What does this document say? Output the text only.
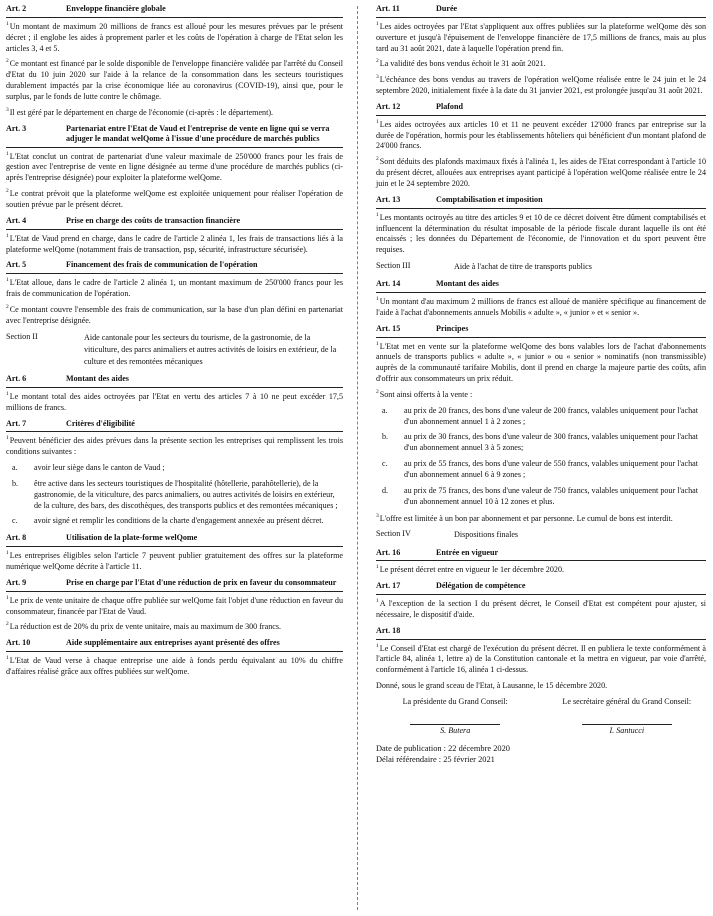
Art. 2	Enveloppe financière globale

$^1$Un montant de maximum 20 millions de francs est alloué pour les mesures prévues par le présent décret ; il englobe les aides à proprement parler et les coûts de l'opération à charge de l'Etat selon les articles 3, 4 et 5.

$^2$Ce montant est financé par le solde disponible de l'enveloppe financière validée par l'arrêté du Conseil d'Etat du 10 juin 2020 sur l'aide à la relance de la consommation dans les secteurs touristiques durablement impactés par la crise économique liée au coronavirus (COVID-19), ainsi que, pour le surplus, par le fonds de lutte contre le chômage.

$^3$Il est géré par le département en charge de l'économie (ci-après : le département).

Art. 3	Partenariat entre l'Etat de Vaud et l'entreprise de vente en ligne qui se verra adjuger le mandat welQome à l'issue d'une procédure de marchés publics

$^1$L'Etat conclut un contrat de partenariat d'une valeur maximale de 250'000 francs pour les frais de gestion avec l'entreprise de vente en ligne désignée au terme d'une procédure de marchés publics (ci-après l'entreprise désignée) pour exploiter la plateforme welQome.

$^2$Le contrat prévoit que la plateforme welQome est exploitée uniquement pour réaliser l'opération de soutien prévue par le présent décret.

Art. 4	Prise en charge des coûts de transaction financière

$^1$L'Etat de Vaud prend en charge, dans le cadre de l'article 2 alinéa 1, les frais de transactions liés à la plateforme welQome (notamment frais de transaction, psp, sécurité, infrastructure sécurisée).

Art. 5	Financement des frais de communication de l'opération

$^1$L'Etat alloue, dans le cadre de l'article 2 alinéa 1, un montant maximum de 250'000 francs pour les frais de communication de l'opération.

$^2$Ce montant couvre l'ensemble des frais de communication, sur la base d'un plan défini en partenariat avec l'entreprise désignée.

Section II	Aide cantonale pour les secteurs du tourisme, de la gastronomie, de la viticulture, des parcs animaliers et autres activités de loisirs en extérieur, de la culture et des remontées mécaniques
Art. 6	Montant des aides

$^1$Le montant total des aides octroyées par l'Etat en vertu des articles 7 à 10 ne peut excéder 17,5 millions de francs.

Art. 7	Critères d'éligibilité

$^1$Peuvent bénéficier des aides prévues dans la présente section les entreprises qui remplissent les trois conditions suivantes :

a.	avoir leur siège dans le canton de Vaud ;
b.	être active dans les secteurs touristiques de l'hospitalité (hôtellerie, parahôtellerie), de la gastronomie, de la viticulture, des parcs animaliers, ou autres activités de loisirs en extérieur, de la culture, des bars, des discothèques, des transports publics et des remontées mécaniques ;
c.	avoir signé et remplir les conditions de la charte d'engagement annexée au présent décret.
Art. 8	Utilisation de la plate-forme welQome

$^1$Les entreprises éligibles selon l'article 7 peuvent publier gratuitement des offres sur la plateforme numérique welQome décrite à l'article 11.

Art. 9	Prise en charge par l'Etat d'une réduction de prix en faveur du consommateur

$^1$Le prix de vente unitaire de chaque offre publiée sur welQome fait l'objet d'une réduction en faveur du consommateur, financée par l'Etat de Vaud.

$^2$La réduction est de 20% du prix de vente unitaire, mais au maximum de 300 francs.

Art. 10	Aide supplémentaire aux entreprises ayant présenté des offres

$^1$L'Etat de Vaud verse à chaque entreprise une aide à fonds perdu équivalant au 10% du chiffre d'affaires réalisé grâce aux offres publiées sur welQome.

Art. 11	Durée

$^1$Les aides octroyées par l'Etat s'appliquent aux offres publiées sur la plateforme welQome dès son ouverture et jusqu'à l'épuisement de l'enveloppe financière de 17,5 millions de francs, mais au plus tard au 31 août 2021, date à laquelle l'opération prend fin.

$^2$La validité des bons vendus échoit le 31 août 2021.

$^3$L'échéance des bons vendus au travers de l'opération welQome réalisée entre le 24 juin et le 24 septembre 2020, initialement fixée à la date du 31 janvier 2021, est prolongée jusqu'au 31 août 2021.

Art. 12	Plafond

$^1$Les aides octroyées aux articles 10 et 11 ne peuvent excéder 12'000 francs par entreprise sur la durée de l'opération, hormis pour les établissements hôteliers qui bénéficient d'un montant plafond de 24'000 francs.

$^2$Sont déduits des plafonds maximaux fixés à l'alinéa 1, les aides de l'Etat correspondant à l'article 10 du présent décret, allouées aux entreprises ayant participé à l'opération welQome réalisée entre le 24 juin et le 24 septembre 2020.

Art. 13	Comptabilisation et imposition

$^1$Les montants octroyés au titre des articles 9 et 10 de ce décret doivent être dûment comptabilisés et influencent la détermination du résultat imposable de la période fiscale durant laquelle ils ont été encaissés ; les données du Département de l'économie, de l'innovation et du sport peuvent être requises.

Section III	Aide à l'achat de titre de transports publics
Art. 14	Montant des aides

$^1$Un montant d'au maximum 2 millions de francs est alloué de manière spécifique au financement de l'aide à l'achat d'abonnements annuels Mobilis « adulte », « junior » et « senior ».

Art. 15	Principes

$^1$L'Etat met en vente sur la plateforme welQome des bons valables lors de l'achat d'abonnements annuels de transports publics « adulte », « junior » ou « senior » nominatifs (non transmissible) auprès de la communauté tarifaire Mobilis, dont il prend en charge la majeure partie des coûts, afin d'offrir aux consommateurs un prix réduit.

$^2$Sont ainsi offerts à la vente :

a.	au prix de 20 francs, des bons d'une valeur de 200 francs, valables uniquement pour l'achat d'un abonnement annuel 1 à 2 zones ;
b.	au prix de 30 francs, des bons d'une valeur de 300 francs, valables uniquement pour l'achat d'un abonnement annuel 3 à 5 zones;
c.	au prix de 55 francs, des bons d'une valeur de 550 francs, valables uniquement pour l'achat d'un abonnement annuel 6 à 9 zones ;
d.	au prix de 75 francs, des bons d'une valeur de 750 francs, valables uniquement pour l'achat d'un abonnement annuel 10 à 12 zones et plus.

$^3$L'offre est limitée à un bon par abonnement et par personne. Le cumul de bons est interdit.

Section IV	Dispositions finales
Art. 16	Entrée en vigueur

$^1$Le présent décret entre en vigueur le 1er décembre 2020.

Art. 17	Délégation de compétence

$^1$A l'exception de la section I du présent décret, le Conseil d'Etat est compétent pour ajuster, si nécessaire, le dispositif d'aide.

Art. 18

$^1$Le Conseil d'Etat est chargé de l'exécution du présent décret. Il en publiera le texte conformément à l'article 84, alinéa 1, lettre a) de la Constitution cantonale et la mettra en vigueur, par voie d'arrêté, conformément à l'article 16, alinéa 1 ci-dessus.

Donné, sous le grand sceau de l'Etat, à Lausanne, le 15 décembre 2020.

La présidente du Grand Conseil:
S. Butera
Le secrétaire général du Grand Conseil:
I. Santucci
Date de publication : 22 décembre 2020
Délai référendaire : 25 février 2021
